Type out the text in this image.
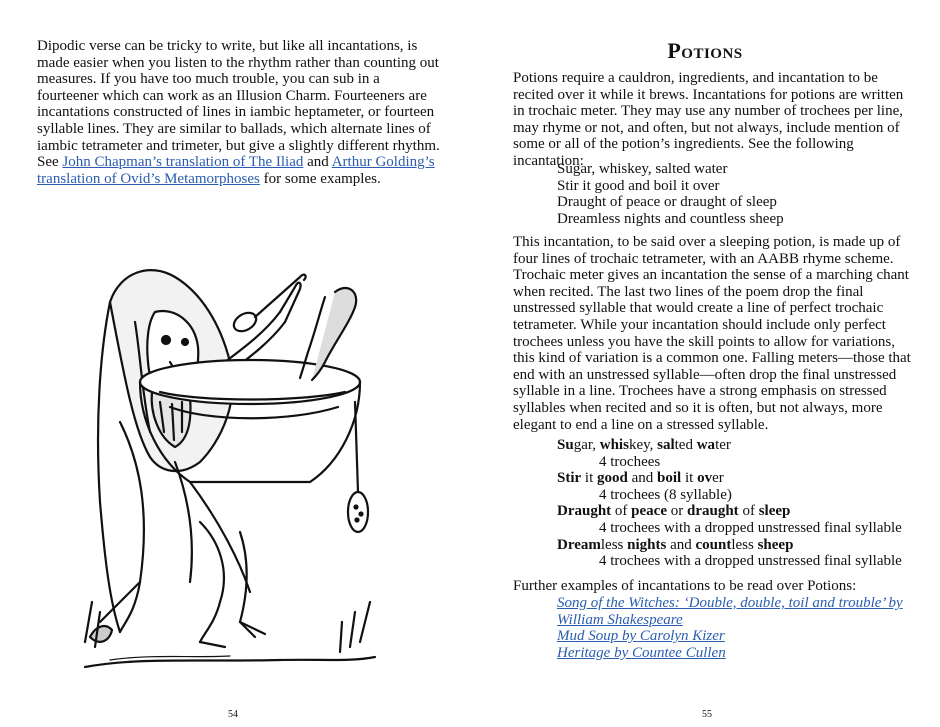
Dipodic verse can be tricky to write, but like all incantations, is made easier when you listen to the rhythm rather than counting out measures. If you have too much trouble, you can sub in a fourteener which can work as an Illusion Charm. Fourteeners are incantations constructed of lines in iambic heptameter, or fourteen syllable lines. They are similar to ballads, which alternate lines of iambic tetrameter and trimeter, but give a slightly different rhythm. See John Chapman’s translation of The Iliad and Arthur Golding’s translation of Ovid’s Metamorphoses for some examples.

54
Potions

Potions require a cauldron, ingredients, and incantation to be recited over it while it brews. Incantations for potions are written in trochaic meter. They may use any number of trochees per line, may rhyme or not, and often, but not always, include mention of some or all of the potion’s ingredients. See the following incantation:

Sugar, whiskey, salted water
Stir it good and boil it over
Draught of peace or draught of sleep
Dreamless nights and countless sheep

This incantation, to be said over a sleeping potion, is made up of four lines of trochaic tetrameter, with an AABB rhyme scheme. Trochaic meter gives an incantation the sense of a marching chant when recited. The last two lines of the poem drop the final unstressed syllable that would create a line of perfect trochaic tetrameter. While your incantation should include only perfect trochees unless you have the skill points to allow for variations, this kind of variation is a common one. Falling meters—those that end with an unstressed syllable—often drop the final unstressed syllable in a line. Trochees have a strong emphasis on stressed syllables when recited and so it is often, but not always, more elegant to end a line on a stressed syllable.

Sugar, whiskey, salted water
4 trochees
Stir it good and boil it over
4 trochees (8 syllable)
Draught of peace or draught of sleep
4 trochees with a dropped unstressed final syllable
Dreamless nights and countless sheep
4 trochees with a dropped unstressed final syllable

Further examples of incantations to be read over Potions:

Song of the Witches: ‘Double, double, toil and trouble’ by William Shakespeare
Mud Soup by Carolyn Kizer
Heritage by Countee Cullen
55
